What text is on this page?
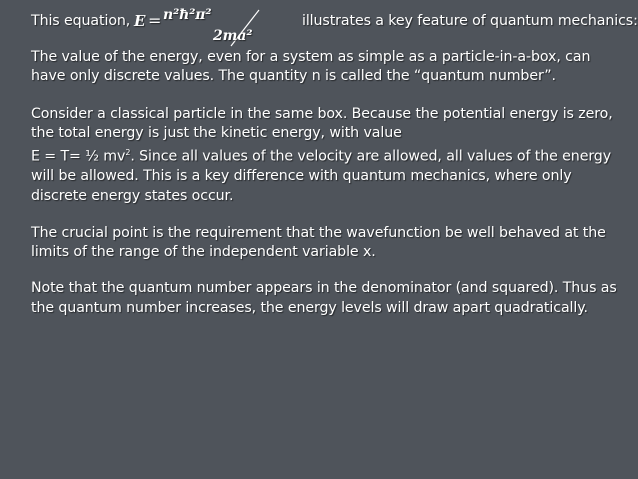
This equation, E = n²ħ²π²
2ma²
illustrates a key feature of quantum mechanics:

The value of the energy, even for a system as simple as a particle-in-a-box, can have only discrete values. The quantity n is called the “quantum number”.

Consider a classical particle in the same box. Because the potential energy is zero,
the total energy is just the kinetic energy, with value
E = T= ½ $mv^2$. Since all values of the velocity are allowed, all values of the energy
will be allowed. This is a key difference with quantum mechanics, where only
discrete energy states occur.

The crucial point is the requirement that the wavefunction be well behaved at the limits of the range of the independent variable x.

Note that the quantum number appears in the denominator (and squared). Thus as the quantum number increases, the energy levels will draw apart quadratically.
